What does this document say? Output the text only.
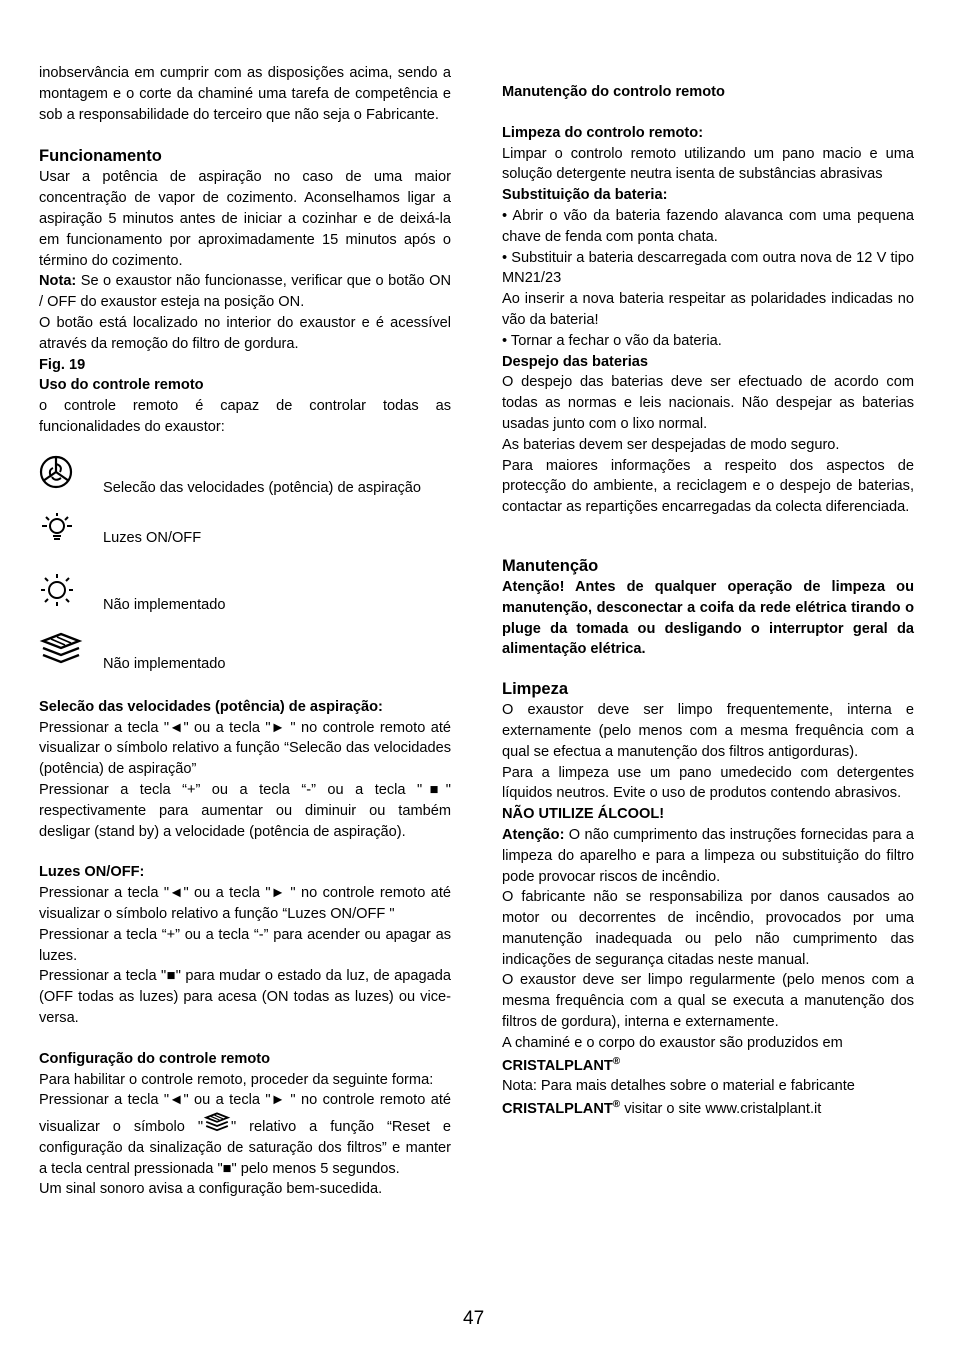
inobservância em cumprir com as disposições acima, sendo a montagem e o corte da chaminé uma tarefa de competência e sob a responsabilidade do terceiro que não seja o Fabricante.

Funcionamento

Usar a potência de aspiração no caso de uma maior concentração de vapor de cozimento. Aconselhamos ligar a aspiração 5 minutos antes de iniciar a cozinhar e de deixá-la em funcionamento por aproximadamente 15 minutos após o término do cozimento.

Nota: Se o exaustor não funcionasse, verificar que o botão ON / OFF do exaustor esteja na posição ON.

O botão está localizado no interior do exaustor e é acessível através da remoção do filtro de gordura.

Fig. 19

Uso do controle remoto

o controle remoto é capaz de controlar todas as funcionalidades do exaustor:

Selecão das velocidades (potência) de aspiração
Luzes ON/OFF
Não implementado
Não implementado

Selecão das velocidades (potência) de aspiração:

Pressionar a tecla "◄" ou a tecla "► " no controle remoto até visualizar o símbolo relativo a função “Selecão das velocidades (potência) de aspiração”

Pressionar a tecla “+” ou a tecla “-” ou a tecla "■" respectivamente para aumentar ou diminuir ou também desligar (stand by) a velocidade (potência de aspiração).

Luzes ON/OFF:

Pressionar a tecla "◄" ou a tecla "► " no controle remoto até visualizar o símbolo relativo a função “Luzes ON/OFF "

Pressionar a tecla “+” ou a tecla “-” para acender ou apagar as luzes.

Pressionar a tecla "■" para mudar o estado da luz, de apagada (OFF todas as luzes) para acesa (ON todas as luzes) ou vice-versa.

Configuração do controle remoto

Para habilitar o controle remoto, proceder da seguinte forma:

Pressionar a tecla "◄" ou a tecla "► " no controle remoto até visualizar o símbolo " " relativo a função “Reset e configuração da sinalização de saturação dos filtros” e manter a tecla central pressionada "■" pelo menos 5 segundos.

Um sinal sonoro avisa a configuração bem-sucedida.

Manutenção do controlo remoto

Limpeza do controlo remoto:

Limpar o controlo remoto utilizando um pano macio e uma solução detergente neutra isenta de substâncias abrasivas

Substituição da bateria:

• Abrir o vão da bateria fazendo alavanca com uma pequena chave de fenda com ponta chata.

• Substituir a bateria descarregada com outra nova de 12 V tipo MN21/23

Ao inserir a nova bateria respeitar as polaridades indicadas no vão da bateria!

• Tornar a fechar o vão da bateria.

Despejo das baterias

O despejo das baterias deve ser efectuado de acordo com todas as normas e leis nacionais. Não despejar as baterias usadas junto com o lixo normal.

As baterias devem ser despejadas de modo seguro.

Para maiores informações a respeito dos aspectos de protecção do ambiente, a reciclagem e o despejo de baterias, contactar as repartições encarregadas da colecta diferenciada.

Manutenção

Atenção! Antes de qualquer operação de limpeza ou manutenção, desconectar a coifa da rede elétrica tirando o pluge da tomada ou desligando o interruptor geral da alimentação elétrica.

Limpeza

O exaustor deve ser limpo frequentemente, interna e externamente (pelo menos com a mesma frequência com a qual se efectua a manutenção dos filtros antigorduras).

Para a limpeza use um pano umedecido com detergentes líquidos neutros. Evite o uso de produtos contendo abrasivos.

NÃO UTILIZE ÁLCOOL!

Atenção: O não cumprimento das instruções fornecidas para a limpeza do aparelho e para a limpeza ou substituição do filtro pode provocar riscos de incêndio.

O fabricante não se responsabiliza por danos causados ao motor ou decorrentes de incêndio, provocados por uma manutenção inadequada ou pelo não cumprimento das indicações de segurança citadas neste manual.

O exaustor deve ser limpo regularmente (pelo menos com a mesma frequência com a qual se executa a manutenção dos filtros de gordura), interna e externamente.

A chaminé e o corpo do exaustor são produzidos em

CRISTALPLANT®

Nota: Para mais detalhes sobre o material e fabricante

CRISTALPLANT® visitar o site www.cristalplant.it

47
